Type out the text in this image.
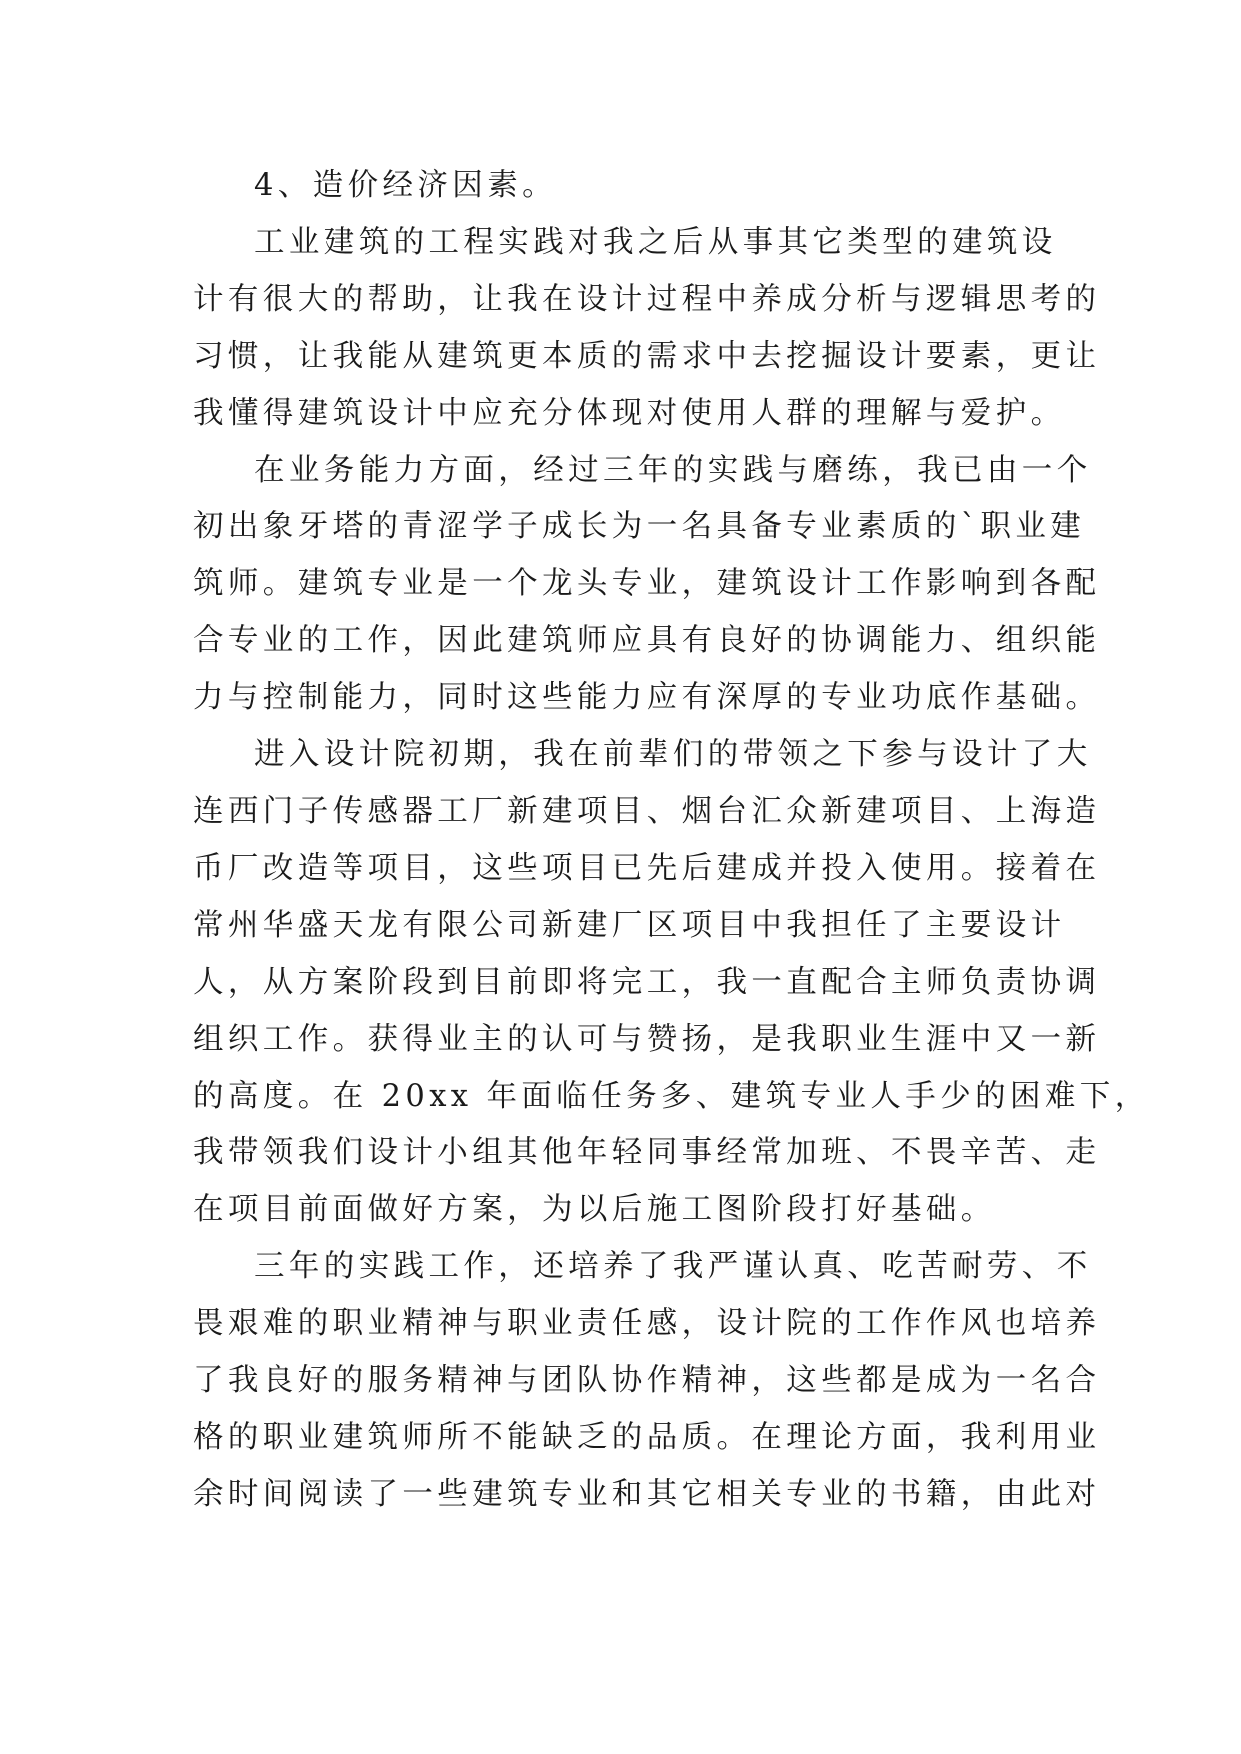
4、造价经济因素。
工业建筑的工程实践对我之后从事其它类型的建筑设
计有很大的帮助，让我在设计过程中养成分析与逻辑思考的
习惯，让我能从建筑更本质的需求中去挖掘设计要素，更让
我懂得建筑设计中应充分体现对使用人群的理解与爱护。
在业务能力方面，经过三年的实践与磨练，我已由一个
初出象牙塔的青涩学子成长为一名具备专业素质的`职业建
筑师。建筑专业是一个龙头专业，建筑设计工作影响到各配
合专业的工作，因此建筑师应具有良好的协调能力、组织能
力与控制能力，同时这些能力应有深厚的专业功底作基础。
进入设计院初期，我在前辈们的带领之下参与设计了大
连西门子传感器工厂新建项目、烟台汇众新建项目、上海造
币厂改造等项目，这些项目已先后建成并投入使用。接着在
常州华盛天龙有限公司新建厂区项目中我担任了主要设计
人，从方案阶段到目前即将完工，我一直配合主师负责协调
组织工作。获得业主的认可与赞扬，是我职业生涯中又一新
的高度。在 20xx 年面临任务多、建筑专业人手少的困难下，
我带领我们设计小组其他年轻同事经常加班、不畏辛苦、走
在项目前面做好方案，为以后施工图阶段打好基础。
三年的实践工作，还培养了我严谨认真、吃苦耐劳、不
畏艰难的职业精神与职业责任感，设计院的工作作风也培养
了我良好的服务精神与团队协作精神，这些都是成为一名合
格的职业建筑师所不能缺乏的品质。在理论方面，我利用业
余时间阅读了一些建筑专业和其它相关专业的书籍，由此对
